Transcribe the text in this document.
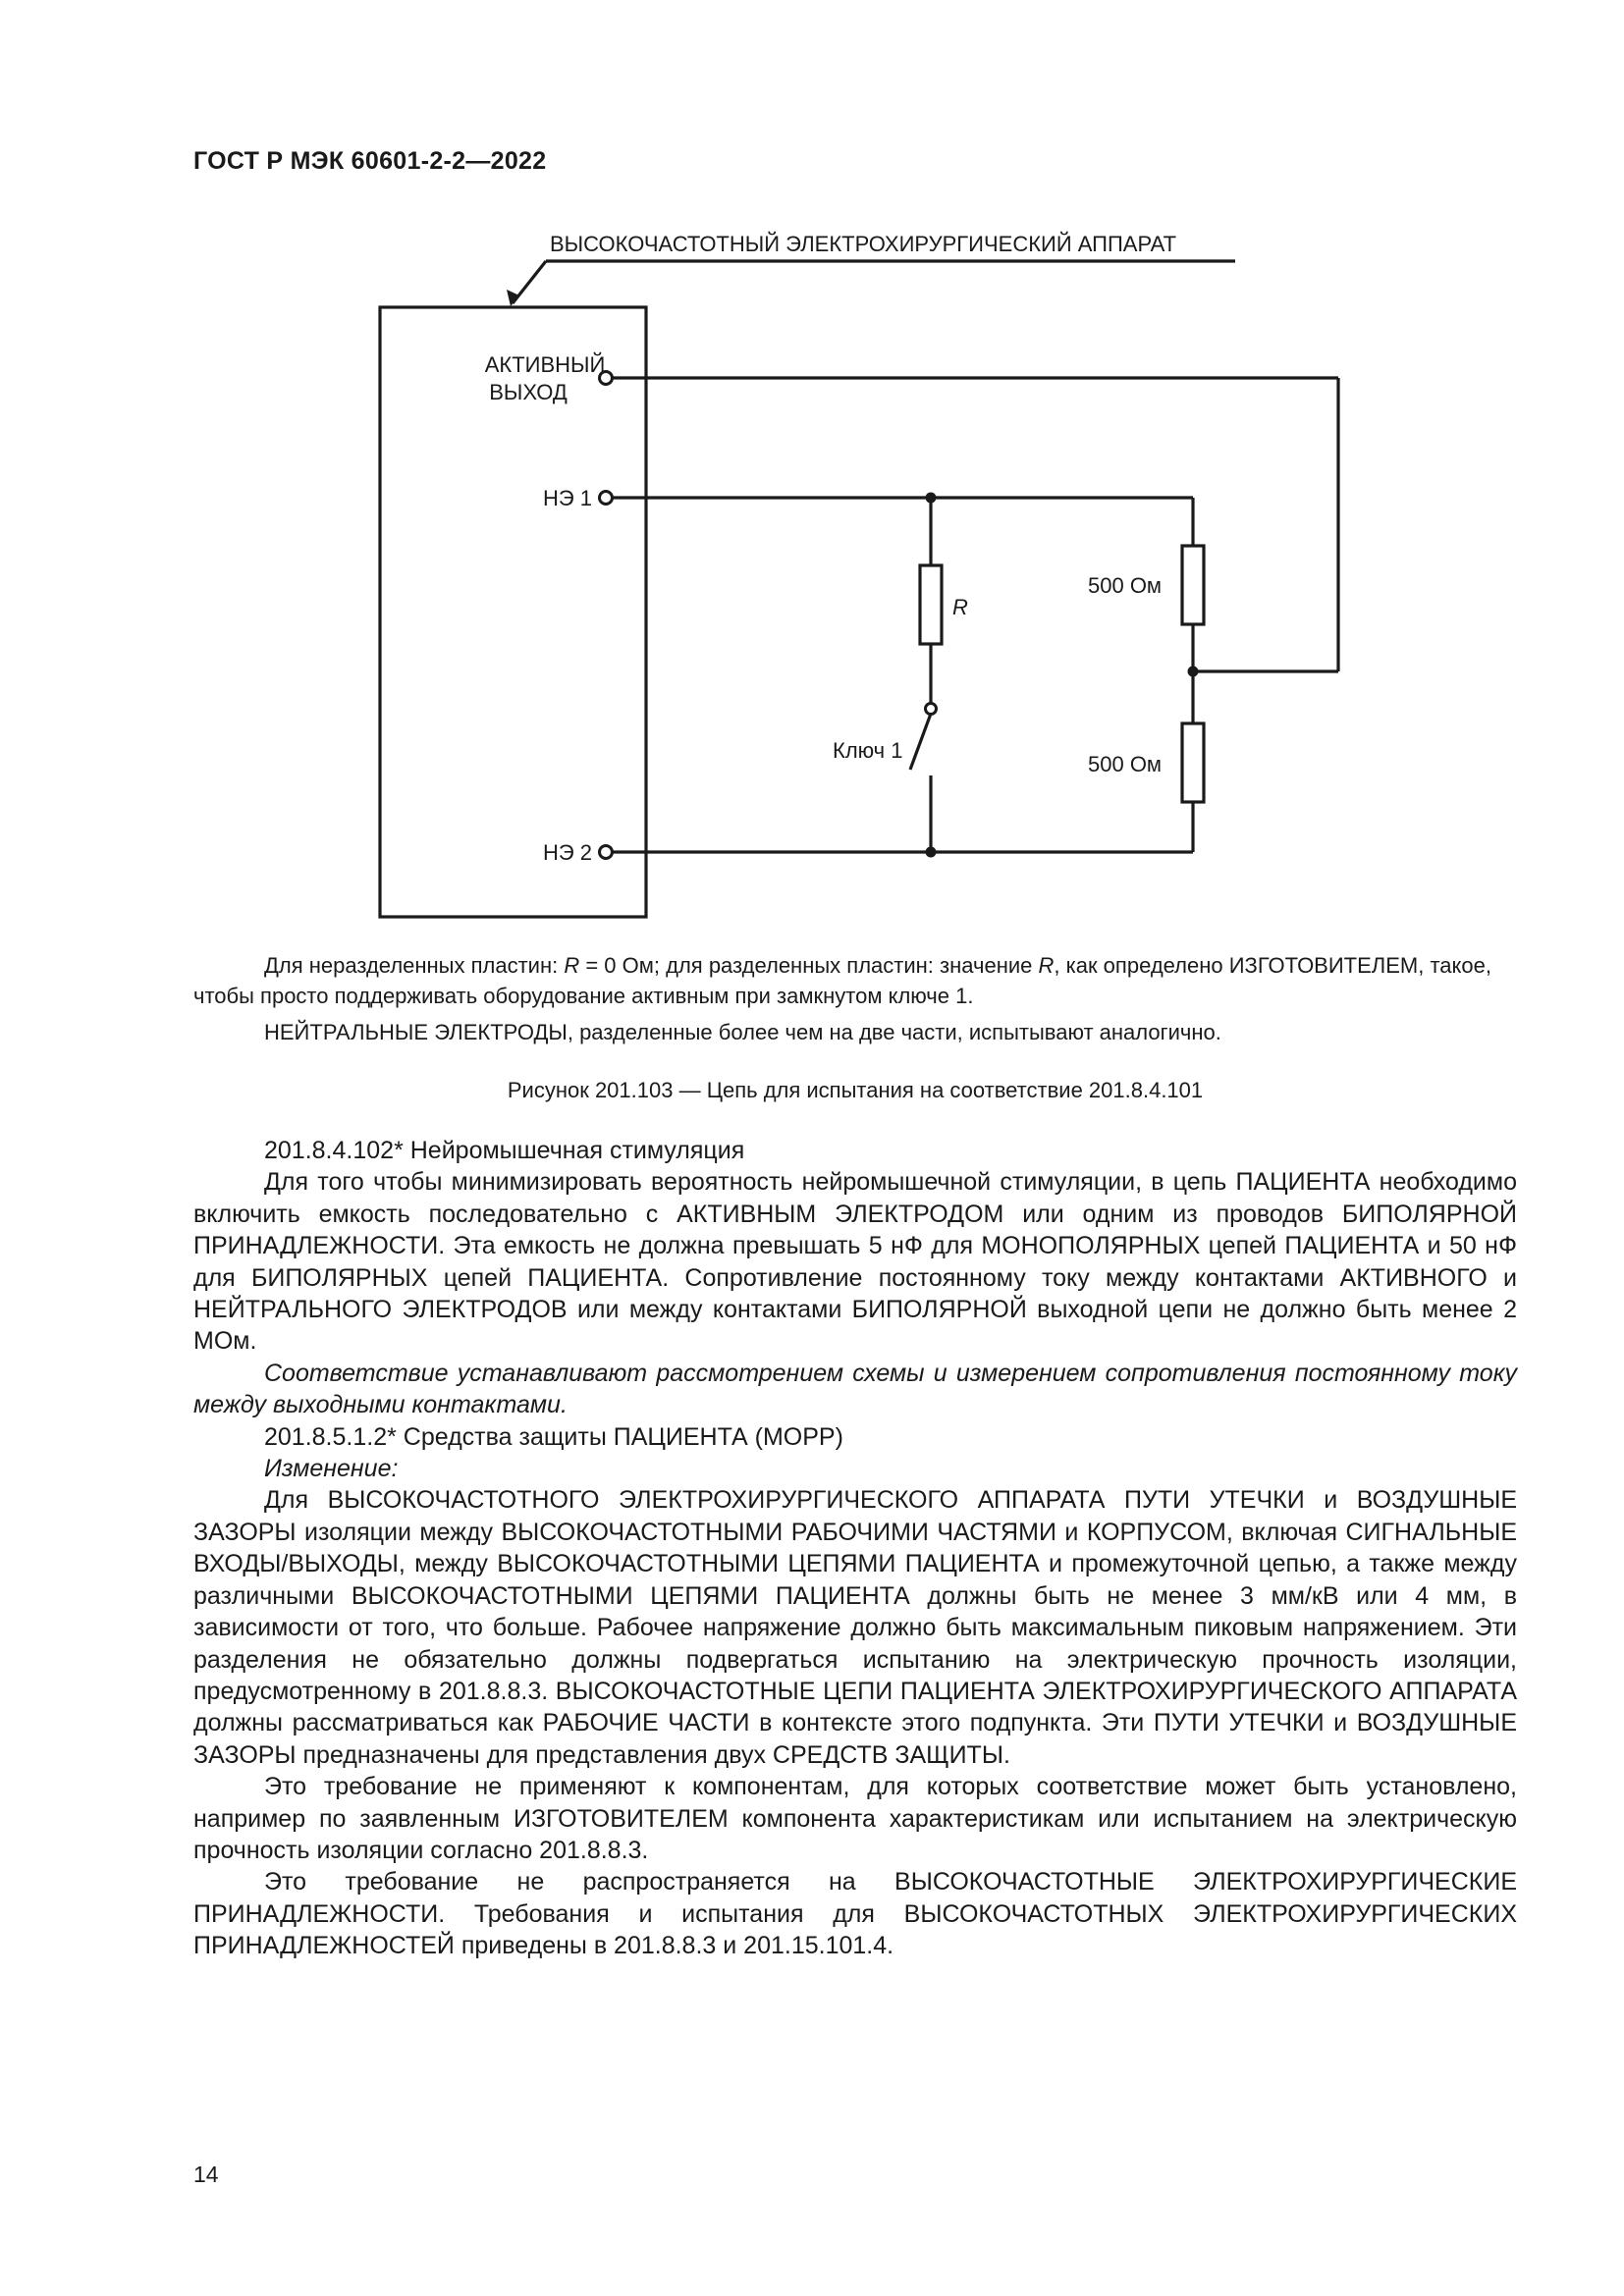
ГОСТ Р МЭК 60601-2-2—2022
ВЫСОКОЧАСТОТНЫЙ ЭЛЕКТРОХИРУРГИЧЕСКИЙ АППАРАТ
АКТИВНЫЙ
ВЫХОД
НЭ 1
НЭ 2
R
500 Ом
500 Ом
Ключ 1
Для неразделенных пластин: R = 0 Ом; для разделенных пластин: значение R, как определено ИЗГОТОВИТЕЛЕМ, такое, чтобы просто поддерживать оборудование активным при замкнутом ключе 1.
НЕЙТРАЛЬНЫЕ ЭЛЕКТРОДЫ, разделенные более чем на две части, испытывают аналогично.
Рисунок 201.103 — Цепь для испытания на соответствие 201.8.4.101

201.8.4.102* Нейромышечная стимуляция

Для того чтобы минимизировать вероятность нейромышечной стимуляции, в цепь ПАЦИЕНТА необходимо включить емкость последовательно с АКТИВНЫМ ЭЛЕКТРОДОМ или одним из проводов БИПОЛЯРНОЙ ПРИНАДЛЕЖНОСТИ. Эта емкость не должна превышать 5 нФ для МОНОПОЛЯРНЫХ цепей ПАЦИЕНТА и 50 нФ для БИПОЛЯРНЫХ цепей ПАЦИЕНТА. Сопротивление постоянному току между контактами АКТИВНОГО и НЕЙТРАЛЬНОГО ЭЛЕКТРОДОВ или между контактами БИПОЛЯРНОЙ выходной цепи не должно быть менее 2 МОм.

Соответствие устанавливают рассмотрением схемы и измерением сопротивления постоянному току между выходными контактами.

201.8.5.1.2* Средства защиты ПАЦИЕНТА (МОРР)

Изменение:

Для ВЫСОКОЧАСТОТНОГО ЭЛЕКТРОХИРУРГИЧЕСКОГО АППАРАТА ПУТИ УТЕЧКИ и ВОЗДУШНЫЕ ЗАЗОРЫ изоляции между ВЫСОКОЧАСТОТНЫМИ РАБОЧИМИ ЧАСТЯМИ и КОРПУСОМ, включая СИГНАЛЬНЫЕ ВХОДЫ/ВЫХОДЫ, между ВЫСОКОЧАСТОТНЫМИ ЦЕПЯМИ ПАЦИЕНТА и промежуточной цепью, а также между различными ВЫСОКОЧАСТОТНЫМИ ЦЕПЯМИ ПАЦИЕНТА должны быть не менее 3 мм/кВ или 4 мм, в зависимости от того, что больше. Рабочее напряжение должно быть максимальным пиковым напряжением. Эти разделения не обязательно должны подвергаться испытанию на электрическую прочность изоляции, предусмотренному в 201.8.8.3. ВЫСОКОЧАСТОТНЫЕ ЦЕПИ ПАЦИЕНТА ЭЛЕКТРОХИРУРГИЧЕСКОГО АППАРАТА должны рассматриваться как РАБОЧИЕ ЧАСТИ в контексте этого подпункта. Эти ПУТИ УТЕЧКИ и ВОЗДУШНЫЕ ЗАЗОРЫ предназначены для представления двух СРЕДСТВ ЗАЩИТЫ.

Это требование не применяют к компонентам, для которых соответствие может быть установлено, например по заявленным ИЗГОТОВИТЕЛЕМ компонента характеристикам или испытанием на электрическую прочность изоляции согласно 201.8.8.3.

Это требование не распространяется на ВЫСОКОЧАСТОТНЫЕ ЭЛЕКТРОХИРУРГИЧЕСКИЕ ПРИНАДЛЕЖНОСТИ. Требования и испытания для ВЫСОКОЧАСТОТНЫХ ЭЛЕКТРОХИРУРГИЧЕСКИХ ПРИНАДЛЕЖНОСТЕЙ приведены в 201.8.8.3 и 201.15.101.4.

14
